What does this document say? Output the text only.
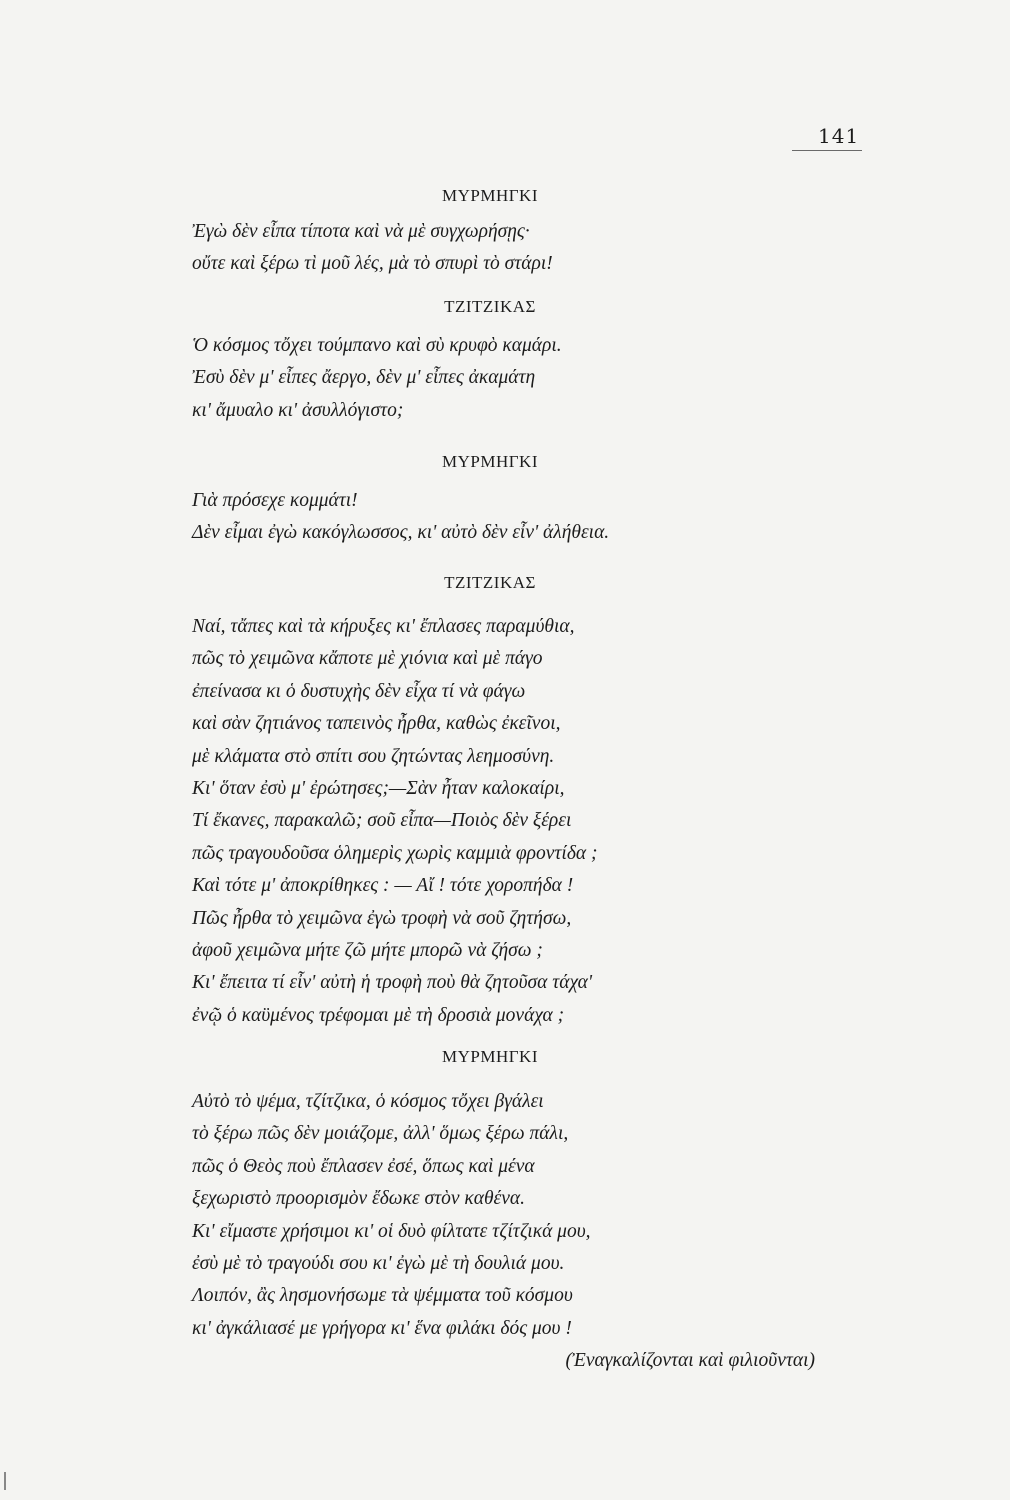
141
ΜΥΡΜΗΓΚΙ
Ἐγὼ δὲν εἶπα τίποτα καὶ νὰ μὲ συγχωρήσῃς·
οὔτε καὶ ξέρω τὶ μοῦ λές, μὰ τὸ σπυρὶ τὸ στάρι!
ΤΖΙΤΖΙΚΑΣ
Ὁ κόσμος τὄχει τούμπανο καὶ σὺ κρυφὸ καμάρι.
Ἐσὺ δὲν μ' εἶπες ἄεργο, δὲν μ' εἶπες ἀκαμάτη
κι' ἄμυαλο κι' ἀσυλλόγιστο;
ΜΥΡΜΗΓΚΙ
Γιὰ πρόσεχε κομμάτι!
Δὲν εἶμαι ἐγὼ κακόγλωσσος, κι' αὐτὸ δὲν εἶν' ἀλήθεια.
ΤΖΙΤΖΙΚΑΣ
Ναί, τἄπες καὶ τὰ κήρυξες κι' ἔπλασες παραμύθια,
πῶς τὸ χειμῶνα κἄποτε μὲ χιόνια καὶ μὲ πάγο
ἐπείνασα κι ὁ δυστυχὴς δὲν εἶχα τί νὰ φάγω
καὶ σὰν ζητιάνος ταπεινὸς ἦρθα, καθὼς ἐκεῖνοι,
μὲ κλάματα στὸ σπίτι σου ζητώντας λεημοσύνη.
Κι' ὅταν ἐσὺ μ' ἐρώτησες;—Σὰν ἦταν καλοκαίρι,
Τί ἔκανες, παρακαλῶ; σοῦ εἶπα—Ποιὸς δὲν ξέρει
πῶς τραγουδοῦσα ὁλημερὶς χωρὶς καμμιὰ φροντίδα ;
Καὶ τότε μ' ἀποκρίθηκες : — Αἴ ! τότε χοροπήδα !
Πῶς ἦρθα τὸ χειμῶνα ἐγὼ τροφὴ νὰ σοῦ ζητήσω,
ἀφοῦ χειμῶνα μήτε ζῶ μήτε μπορῶ νὰ ζήσω ;
Κι' ἔπειτα τί εἶν' αὐτὴ ἡ τροφὴ ποὺ θὰ ζητοῦσα τάχα'
ἐνῷ ὁ καϋμένος τρέφομαι μὲ τὴ δροσιὰ μονάχα ;
ΜΥΡΜΗΓΚΙ
Αὐτὸ τὸ ψέμα, τζίτζικα, ὁ κόσμος τὄχει βγάλει
τὸ ξέρω πῶς δὲν μοιάζομε, ἀλλ' ὅμως ξέρω πάλι,
πῶς ὁ Θεὸς ποὺ ἔπλασεν ἐσέ, ὅπως καὶ μένα
ξεχωριστὸ προορισμὸν ἔδωκε στὸν καθένα.
Κι' εἴμαστε χρήσιμοι κι' οἱ δυὸ φίλτατε τζίτζικά μου,
ἐσὺ μὲ τὸ τραγούδι σου κι' ἐγὼ μὲ τὴ δουλιά μου.
Λοιπόν, ἂς λησμονήσωμε τὰ ψέμματα τοῦ κόσμου
κι' ἀγκάλιασέ με γρήγορα κι' ἕνα φιλάκι δός μου !
(Ἐναγκαλίζονται καὶ φιλιοῦνται)
